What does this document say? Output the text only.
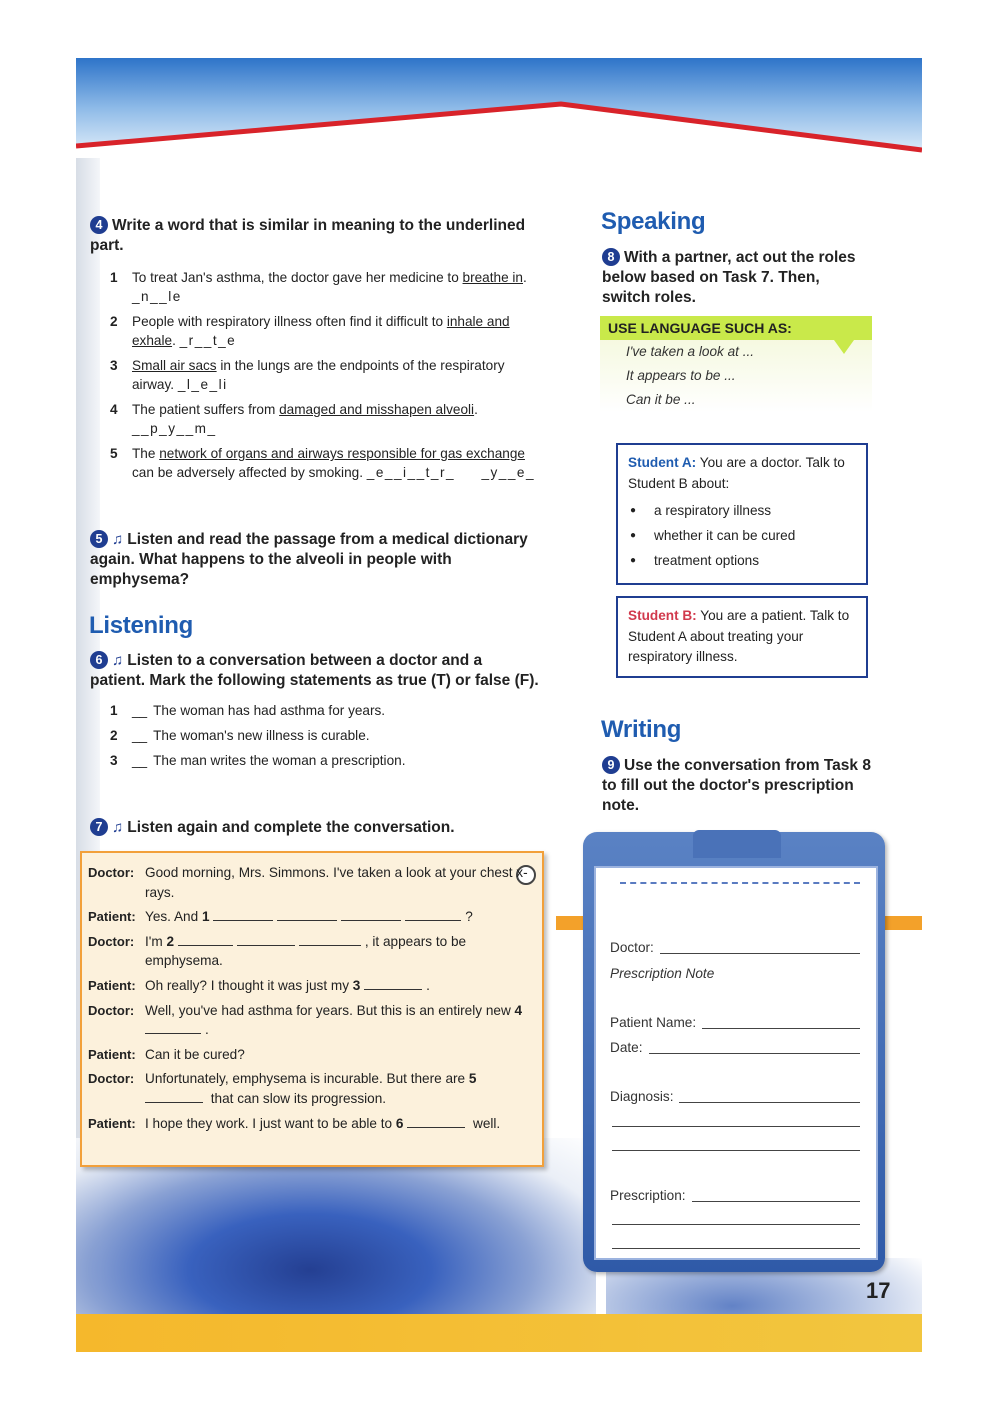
4 Write a word that is similar in meaning to the underlined part.
1 To treat Jan's asthma, the doctor gave her medicine to breathe in. _n__le
2 People with respiratory illness often find it difficult to inhale and exhale. _r__t_e
3 Small air sacs in the lungs are the endpoints of the respiratory airway. _l_e_li
4 The patient suffers from damaged and misshapen alveoli. __p_y__m_
5 The network of organs and airways responsible for gas exchange can be adversely affected by smoking. _e__i__t_r_     _y__e_
5 ♫ Listen and read the passage from a medical dictionary again. What happens to the alveoli in people with emphysema?
Listening
6 ♫ Listen to a conversation between a doctor and a patient. Mark the following statements as true (T) or false (F).
1 __ The woman has had asthma for years.
2 __ The woman's new illness is curable.
3 __ The man writes the woman a prescription.
7 ♫ Listen again and complete the conversation.
Doctor: Good morning, Mrs. Simmons. I've taken a look at your chest x-rays.
Patient: Yes. And 1	?
Doctor: I'm 2	, it appears to be emphysema.
Patient: Oh really? I thought it was just my 3	.
Doctor: Well, you've had asthma for years. But this is an entirely new 4 .
Patient: Can it be cured?
Doctor: Unfortunately, emphysema is incurable. But there are 5  that can slow its progression.
Patient: I hope they work. I just want to be able to 6	well.
Speaking
8 With a partner, act out the roles below based on Task 7. Then, switch roles.
USE LANGUAGE SUCH AS:
I've taken a look at ...
It appears to be ...
Can it be ...
Student A: You are a doctor. Talk to Student B about:
● a respiratory illness
● whether it can be cured
● treatment options
Student B: You are a patient. Talk to Student A about treating your respiratory illness.
Writing
9 Use the conversation from Task 8 to fill out the doctor's prescription note.
Doctor:
Prescription Note
Patient Name:
Date:
Diagnosis:
Prescription:
17
